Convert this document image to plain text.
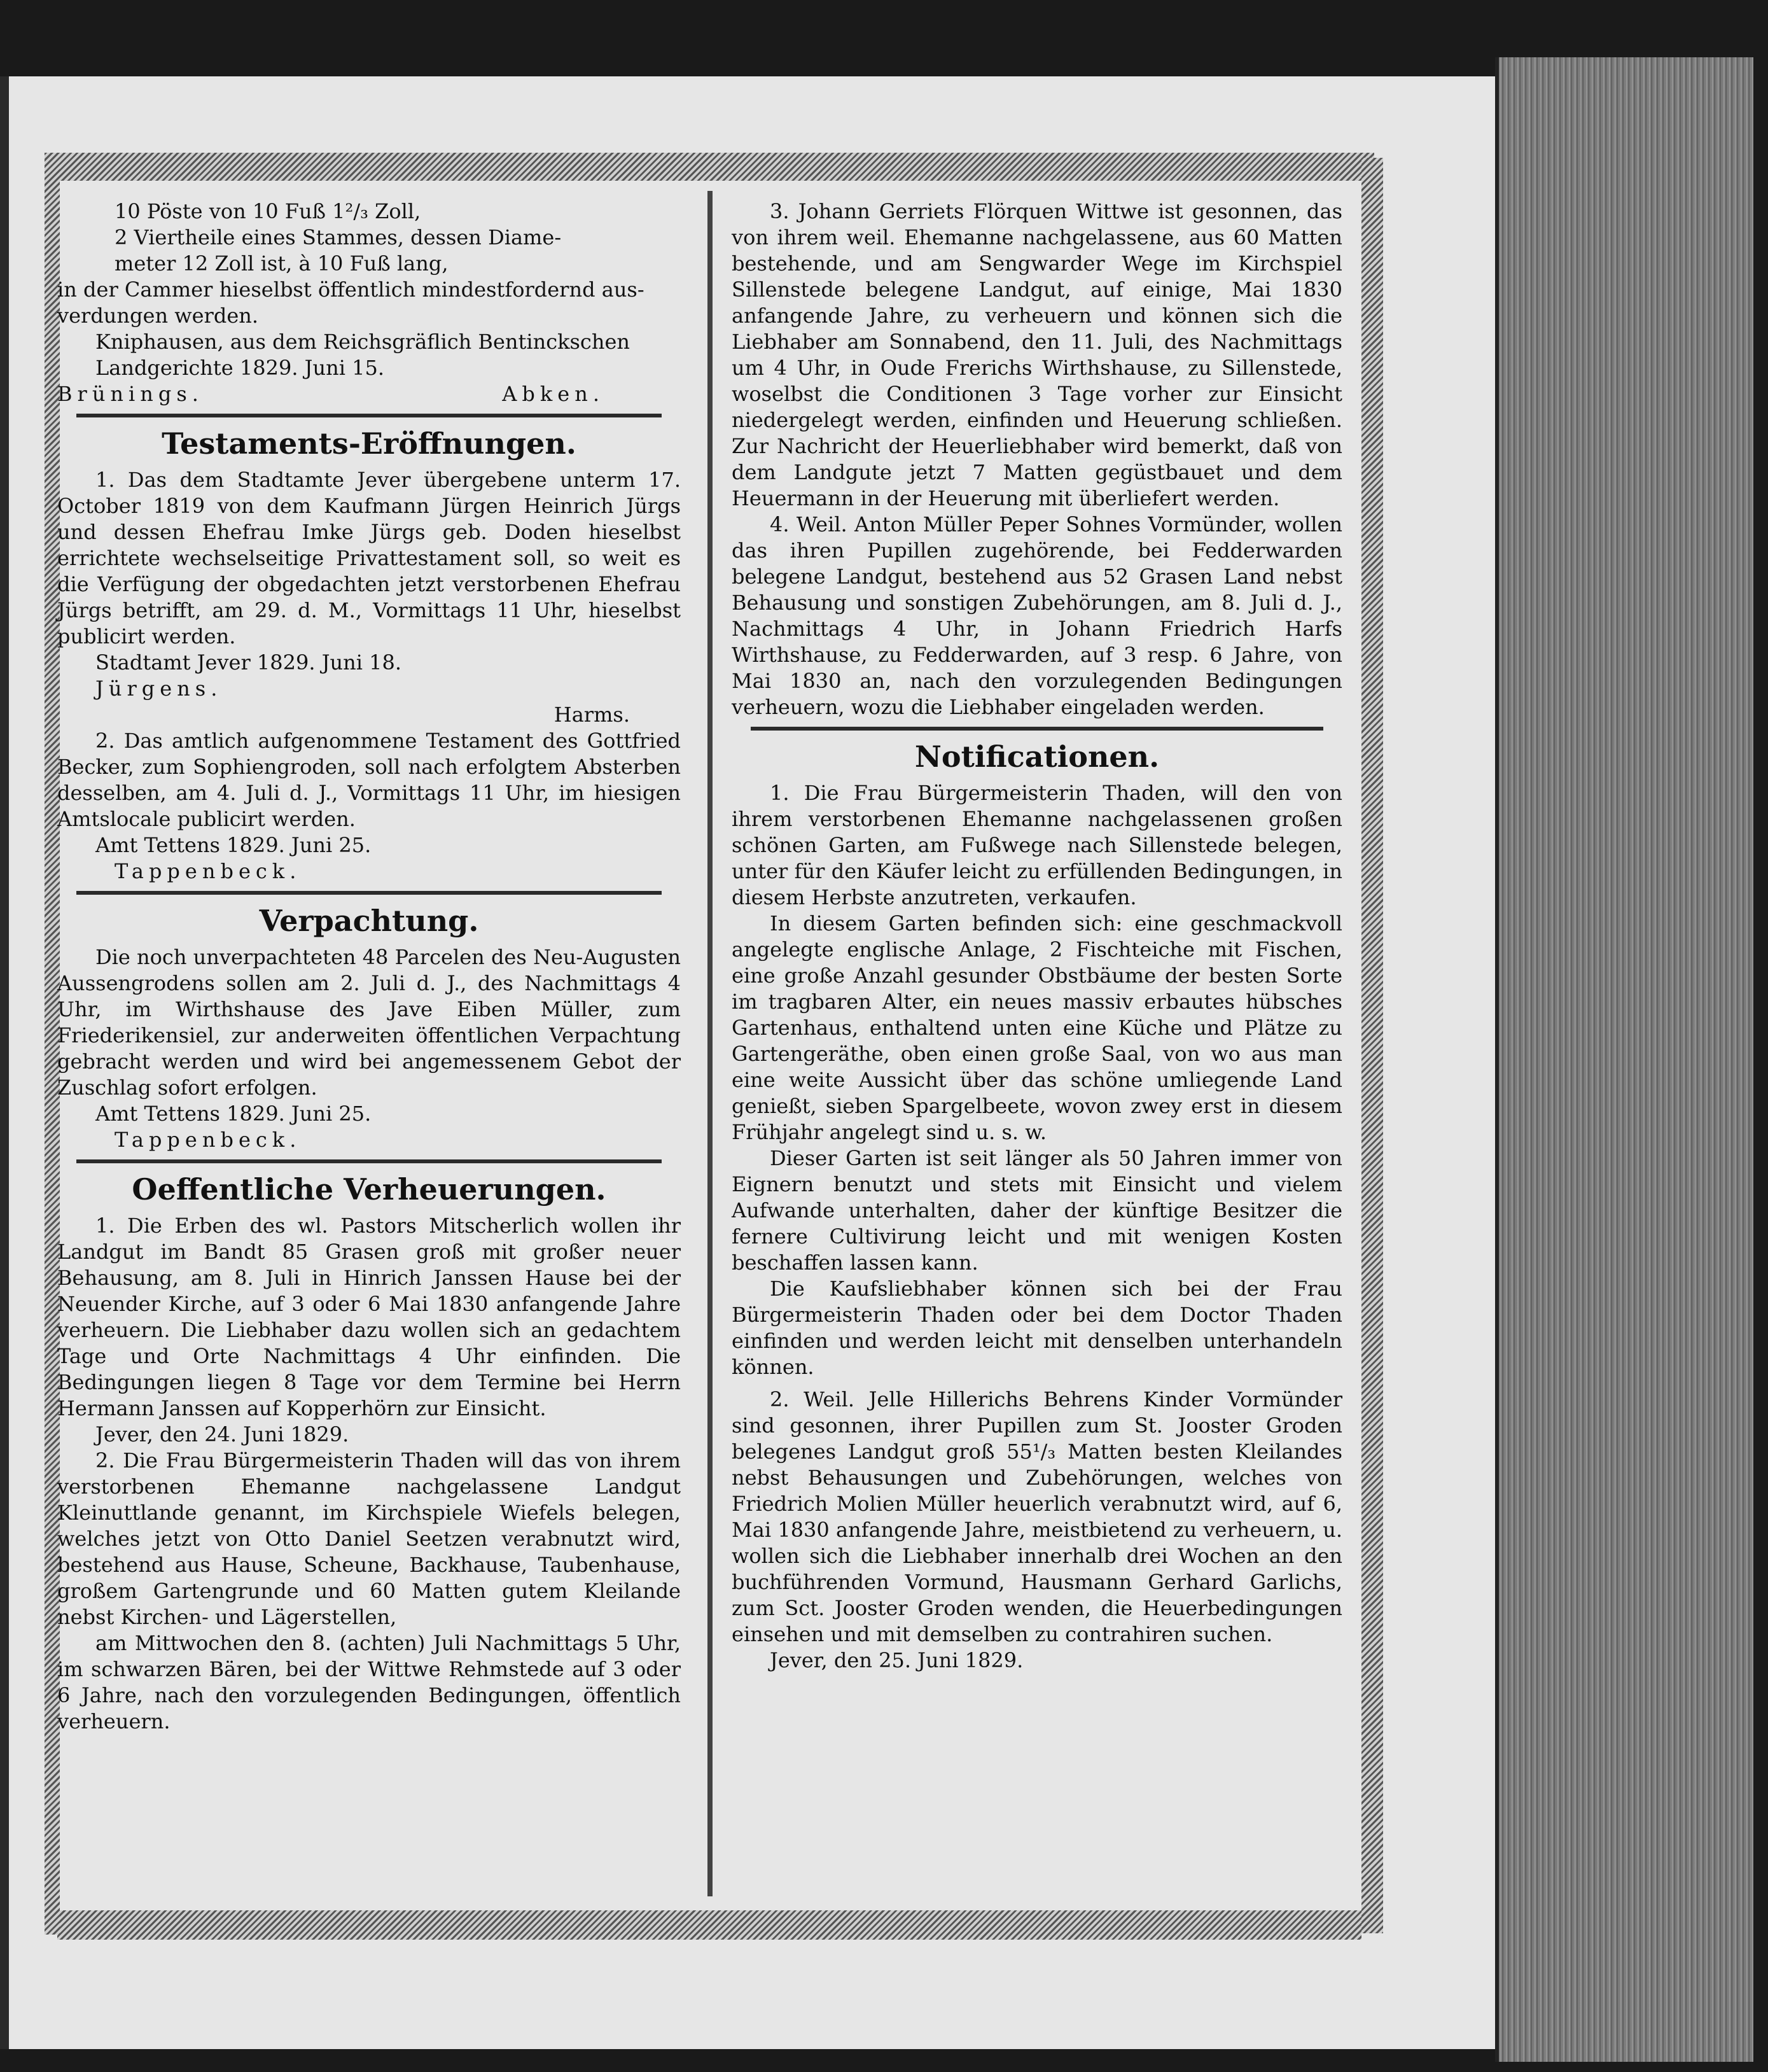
10 Pöste von 10 Fuß 1²/₃ Zoll,

2 Viertheile eines Stammes, dessen Diame-

meter 12 Zoll ist, à 10 Fuß lang,

in der Cammer hieselbst öffentlich mindestfordernd aus-

verdungen werden.

Kniphausen, aus dem Reichsgräflich Bentinckschen

Landgerichte 1829. Juni 15.

Brünings.	Abken.

Testaments-Eröffnungen.

1. Das dem Stadtamte Jever übergebene unterm 17. October 1819 von dem Kaufmann Jürgen Heinrich Jürgs und dessen Ehefrau Imke Jürgs geb. Doden hieselbst errichtete wechselseitige Privattestament soll, so weit es die Verfügung der obgedachten jetzt verstorbenen Ehefrau Jürgs betrifft, am 29. d. M., Vormittags 11 Uhr, hieselbst publicirt werden.

Stadtamt Jever 1829. Juni 18.

Jürgens.

Harms.

2. Das amtlich aufgenommene Testament des Gottfried Becker, zum Sophiengroden, soll nach erfolgtem Absterben desselben, am 4. Juli d. J., Vormittags 11 Uhr, im hiesigen Amtslocale publicirt werden.

Amt Tettens 1829. Juni 25.

Tappenbeck.

Verpachtung.

Die noch unverpachteten 48 Parcelen des Neu-Augusten Aussengrodens sollen am 2. Juli d. J., des Nachmittags 4 Uhr, im Wirthshause des Jave Eiben Müller, zum Friederikensiel, zur anderweiten öffentlichen Verpachtung gebracht werden und wird bei angemessenem Gebot der Zuschlag sofort erfolgen.

Amt Tettens 1829. Juni 25.

Tappenbeck.

Oeffentliche Verheuerungen.

1. Die Erben des wl. Pastors Mitscherlich wollen ihr Landgut im Bandt 85 Grasen groß mit großer neuer Behausung, am 8. Juli in Hinrich Janssen Hause bei der Neuender Kirche, auf 3 oder 6 Mai 1830 anfangende Jahre verheuern. Die Liebhaber dazu wollen sich an gedachtem Tage und Orte Nachmittags 4 Uhr einfinden. Die Bedingungen liegen 8 Tage vor dem Termine bei Herrn Hermann Janssen auf Kopperhörn zur Einsicht.

Jever, den 24. Juni 1829.

2. Die Frau Bürgermeisterin Thaden will das von ihrem verstorbenen Ehemanne nachgelassene Landgut Kleinuttlande genannt, im Kirchspiele Wiefels belegen, welches jetzt von Otto Daniel Seetzen verabnutzt wird, bestehend aus Hause, Scheune, Backhause, Taubenhause, großem Gartengrunde und 60 Matten gutem Kleilande nebst Kirchen- und Lägerstellen,

am Mittwochen den 8. (achten) Juli Nachmittags 5 Uhr, im schwarzen Bären, bei der Wittwe Rehmstede auf 3 oder 6 Jahre, nach den vorzulegenden Bedingungen, öffentlich verheuern.

3. Johann Gerriets Flörquen Wittwe ist gesonnen, das von ihrem weil. Ehemanne nachgelassene, aus 60 Matten bestehende, und am Sengwarder Wege im Kirchspiel Sillenstede belegene Landgut, auf einige, Mai 1830 anfangende Jahre, zu verheuern und können sich die Liebhaber am Sonnabend, den 11. Juli, des Nachmittags um 4 Uhr, in Oude Frerichs Wirthshause, zu Sillenstede, woselbst die Conditionen 3 Tage vorher zur Einsicht niedergelegt werden, einfinden und Heuerung schließen. Zur Nachricht der Heuerliebhaber wird bemerkt, daß von dem Landgute jetzt 7 Matten gegüstbauet und dem Heuermann in der Heuerung mit überliefert werden.

4. Weil. Anton Müller Peper Sohnes Vormünder, wollen das ihren Pupillen zugehörende, bei Fedderwarden belegene Landgut, bestehend aus 52 Grasen Land nebst Behausung und sonstigen Zubehörungen, am 8. Juli d. J., Nachmittags 4 Uhr, in Johann Friedrich Harfs Wirthshause, zu Fedderwarden, auf 3 resp. 6 Jahre, von Mai 1830 an, nach den vorzulegenden Bedingungen verheuern, wozu die Liebhaber eingeladen werden.

Notificationen.

1. Die Frau Bürgermeisterin Thaden, will den von ihrem verstorbenen Ehemanne nachgelassenen großen schönen Garten, am Fußwege nach Sillenstede belegen, unter für den Käufer leicht zu erfüllenden Bedingungen, in diesem Herbste anzutreten, verkaufen.

In diesem Garten befinden sich: eine geschmackvoll angelegte englische Anlage, 2 Fischteiche mit Fischen, eine große Anzahl gesunder Obstbäume der besten Sorte im tragbaren Alter, ein neues massiv erbautes hübsches Gartenhaus, enthaltend unten eine Küche und Plätze zu Gartengeräthe, oben einen große Saal, von wo aus man eine weite Aussicht über das schöne umliegende Land genießt, sieben Spargelbeete, wovon zwey erst in diesem Frühjahr angelegt sind u. s. w.

Dieser Garten ist seit länger als 50 Jahren immer von Eignern benutzt und stets mit Einsicht und vielem Aufwande unterhalten, daher der künftige Besitzer die fernere Cultivirung leicht und mit wenigen Kosten beschaffen lassen kann.

Die Kaufsliebhaber können sich bei der Frau Bürgermeisterin Thaden oder bei dem Doctor Thaden einfinden und werden leicht mit denselben unterhandeln können.

2. Weil. Jelle Hillerichs Behrens Kinder Vormünder sind gesonnen, ihrer Pupillen zum St. Jooster Groden belegenes Landgut groß 55¹/₃ Matten besten Kleilandes nebst Behausungen und Zubehörungen, welches von Friedrich Molien Müller heuerlich verabnutzt wird, auf 6, Mai 1830 anfangende Jahre, meistbietend zu verheuern, u. wollen sich die Liebhaber innerhalb drei Wochen an den buchführenden Vormund, Hausmann Gerhard Garlichs, zum Sct. Jooster Groden wenden, die Heuerbedingungen einsehen und mit demselben zu contrahiren suchen.

Jever, den 25. Juni 1829.
